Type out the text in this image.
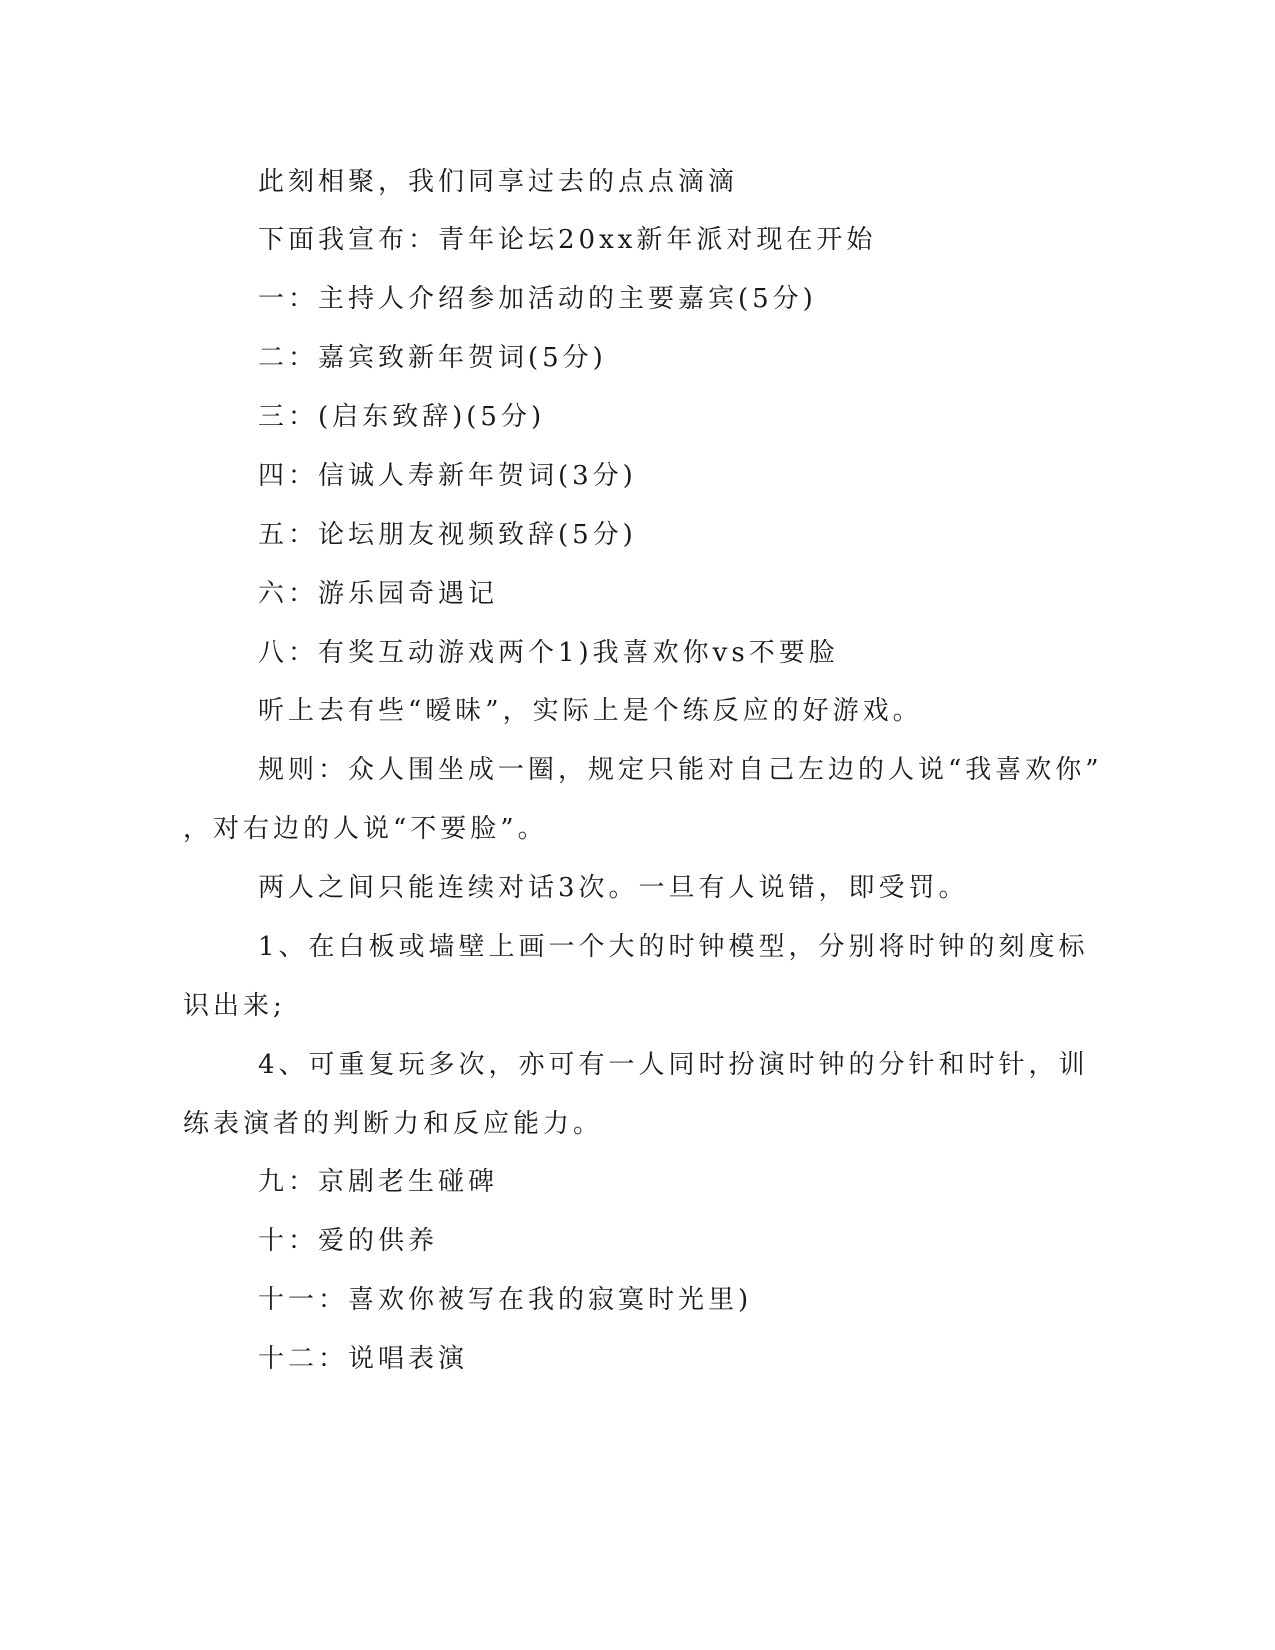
此刻相聚，我们同享过去的点点滴滴
下面我宣布：青年论坛20xx新年派对现在开始
一：主持人介绍参加活动的主要嘉宾(5分)
二：嘉宾致新年贺词(5分)
三：(启东致辞)(5分)
四：信诚人寿新年贺词(3分)
五：论坛朋友视频致辞(5分)
六：游乐园奇遇记
八：有奖互动游戏两个1)我喜欢你vs不要脸
听上去有些“暧昧”，实际上是个练反应的好游戏。
规则：众人围坐成一圈，规定只能对自己左边的人说“我喜欢你”
，对右边的人说“不要脸”。
两人之间只能连续对话3次。一旦有人说错，即受罚。
1、在白板或墙壁上画一个大的时钟模型，分别将时钟的刻度标
识出来;
4、可重复玩多次，亦可有一人同时扮演时钟的分针和时针，训
练表演者的判断力和反应能力。
九：京剧老生碰碑
十：爱的供养
十一：喜欢你被写在我的寂寞时光里)
十二：说唱表演
